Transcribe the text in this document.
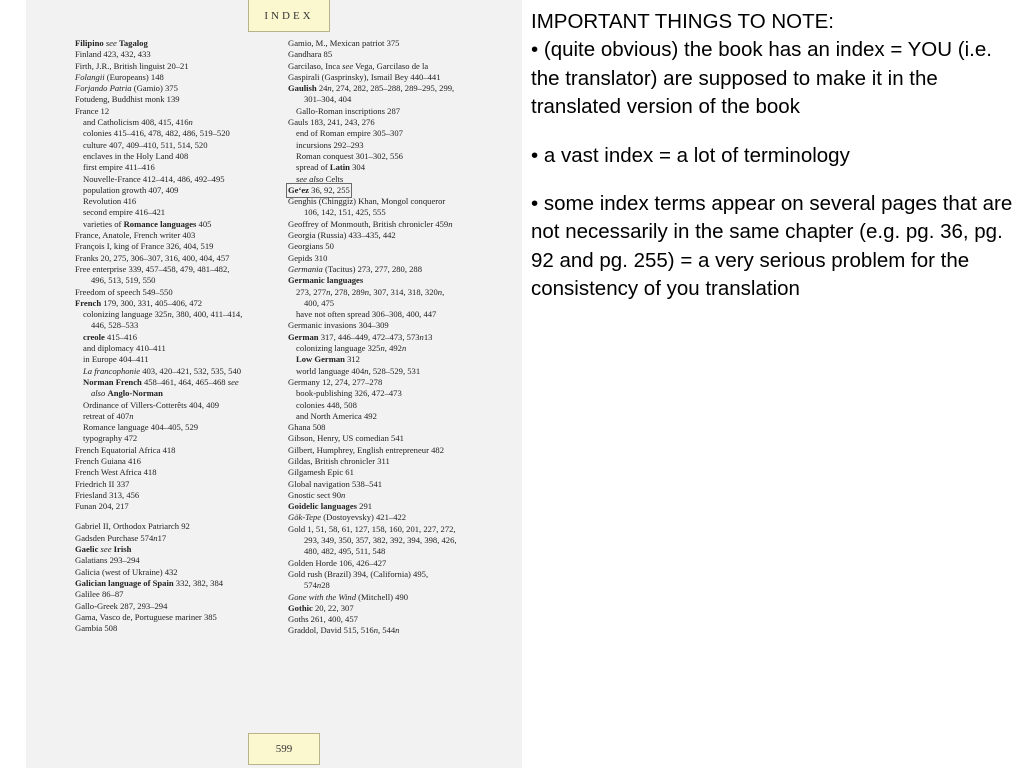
INDEX
Filipino see Tagalog
Finland 423, 432, 433
Firth, J.R., British linguist 20–21
Folangii (Europeans) 148
Forjando Patria (Gamio) 375
Fotudeng, Buddhist monk 139
France 12
and Catholicism 408, 415, 416n
colonies 415–416, 478, 482, 486, 519–520
culture 407, 409–410, 511, 514, 520
enclaves in the Holy Land 408
first empire 411–416
Nouvelle-France 412–414, 486, 492–495
population growth 407, 409
Revolution 416
second empire 416–421
varieties of Romance languages 405
France, Anatole, French writer 403
François I, king of France 326, 404, 519
Franks 20, 275, 306–307, 316, 400, 404, 457
Free enterprise 339, 457–458, 479, 481–482,
496, 513, 519, 550
Freedom of speech 549–550
French 179, 300, 331, 405–406, 472
colonizing language 325n, 380, 400, 411–414,
446, 528–533
creole 415–416
and diplomacy 410–411
in Europe 404–411
La francophonie 403, 420–421, 532, 535, 540
Norman French 458–461, 464, 465–468 see
also Anglo-Norman
Ordinance of Villers-Cotterêts 404, 409
retreat of 407n
Romance language 404–405, 529
typography 472
French Equatorial Africa 418
French Guiana 416
French West Africa 418
Friedrich II 337
Friesland 313, 456
Funan 204, 217
Gabriel II, Orthodox Patriarch 92
Gadsden Purchase 574n17
Gaelic see Irish
Galatians 293–294
Galicia (west of Ukraine) 432
Galician language of Spain 332, 382, 384
Galilee 86–87
Gallo-Greek 287, 293–294
Gama, Vasco de, Portuguese mariner 385
Gambia 508
Gamio, M., Mexican patriot 375
Gandhara 85
Garcilaso, Inca see Vega, Garcilaso de la
Gaspirali (Gasprinsky), Ismail Bey 440–441
Gaulish 24n, 274, 282, 285–288, 289–295, 299,
301–304, 404
Gallo-Roman inscriptions 287
Gauls 183, 241, 243, 276
end of Roman empire 305–307
incursions 292–293
Roman conquest 301–302, 556
spread of Latin 304
see also Celts
Ge‘ez 36, 92, 255
Genghis (Chinggiz) Khan, Mongol conqueror
106, 142, 151, 425, 555
Geoffrey of Monmouth, British chronicler 459n
Georgia (Russia) 433–435, 442
Georgians 50
Gepids 310
Germania (Tacitus) 273, 277, 280, 288
Germanic languages
273, 277n, 278, 289n, 307, 314, 318, 320n,
400, 475
have not often spread 306–308, 400, 447
Germanic invasions 304–309
German 317, 446–449, 472–473, 573n13
colonizing language 325n, 492n
Low German 312
world language 404n, 528–529, 531
Germany 12, 274, 277–278
book-publishing 326, 472–473
colonies 448, 508
and North America 492
Ghana 508
Gibson, Henry, US comedian 541
Gilbert, Humphrey, English entrepreneur 482
Gildas, British chronicler 311
Gilgamesh Epic 61
Global navigation 538–541
Gnostic sect 90n
Goidelic languages 291
Gök-Tepe (Dostoyevsky) 421–422
Gold 1, 51, 58, 61, 127, 158, 160, 201, 227, 272,
293, 349, 350, 357, 382, 392, 394, 398, 426,
480, 482, 495, 511, 548
Golden Horde 106, 426–427
Gold rush (Brazil) 394, (California) 495,
574n28
Gone with the Wind (Mitchell) 490
Gothic 20, 22, 307
Goths 261, 400, 457
Graddol, David 515, 516n, 544n
599

IMPORTANT THINGS TO NOTE:

• (quite obvious) the book has an index = YOU (i.e. the translator) are supposed to make it in the translated version of the book

• a vast index = a lot of terminology

• some index terms appear on several pages that are not necessarily in the same chapter (e.g. pg. 36, pg. 92 and pg. 255) = a very serious problem for the consistency of you translation
